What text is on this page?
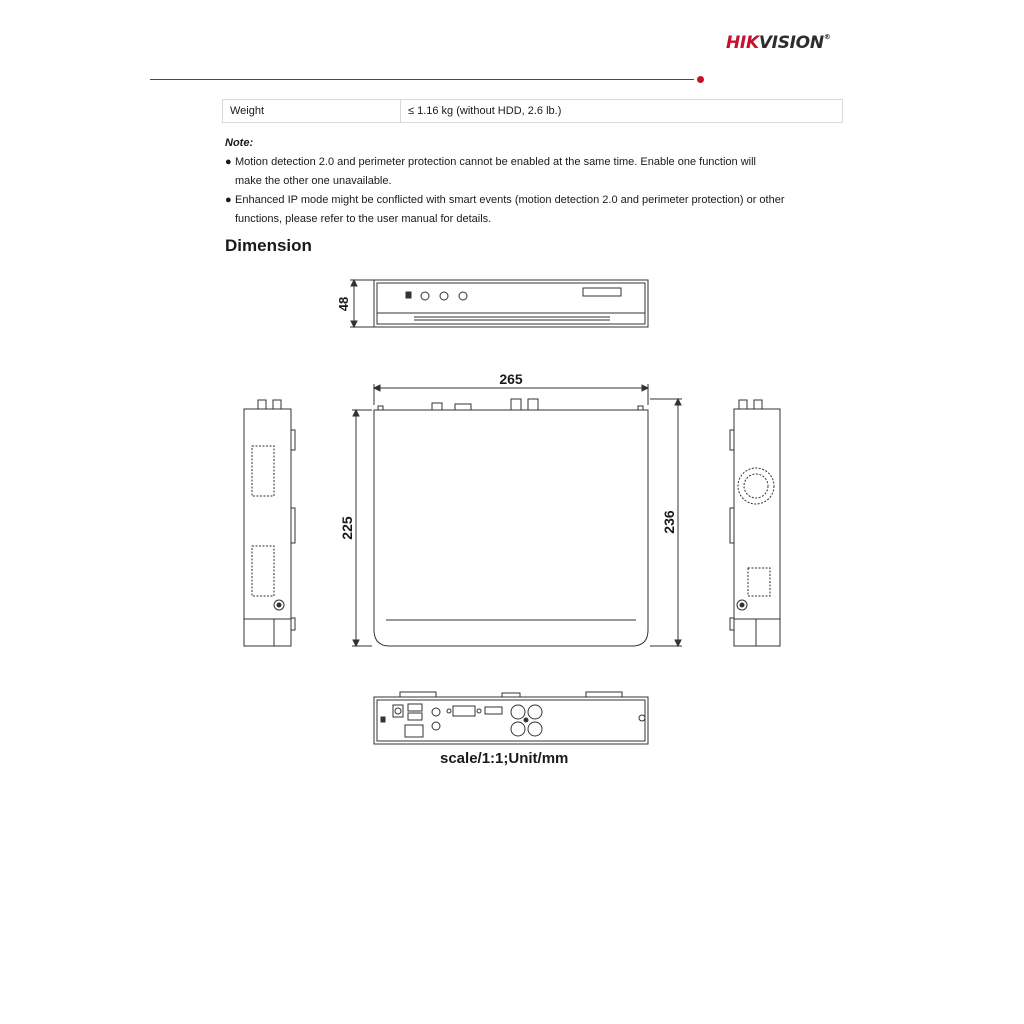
HIKVISION®
Weight	≤ 1.16 kg (without HDD, 2.6 lb.)
Note:
● Motion detection 2.0 and perimeter protection cannot be enabled at the same time. Enable one function will make the other one unavailable.
● Enhanced IP mode might be conflicted with smart events (motion detection 2.0 and perimeter protection) or other functions, please refer to the user manual for details.
Dimension
48
265
225	236
scale/1:1;Unit/mm
